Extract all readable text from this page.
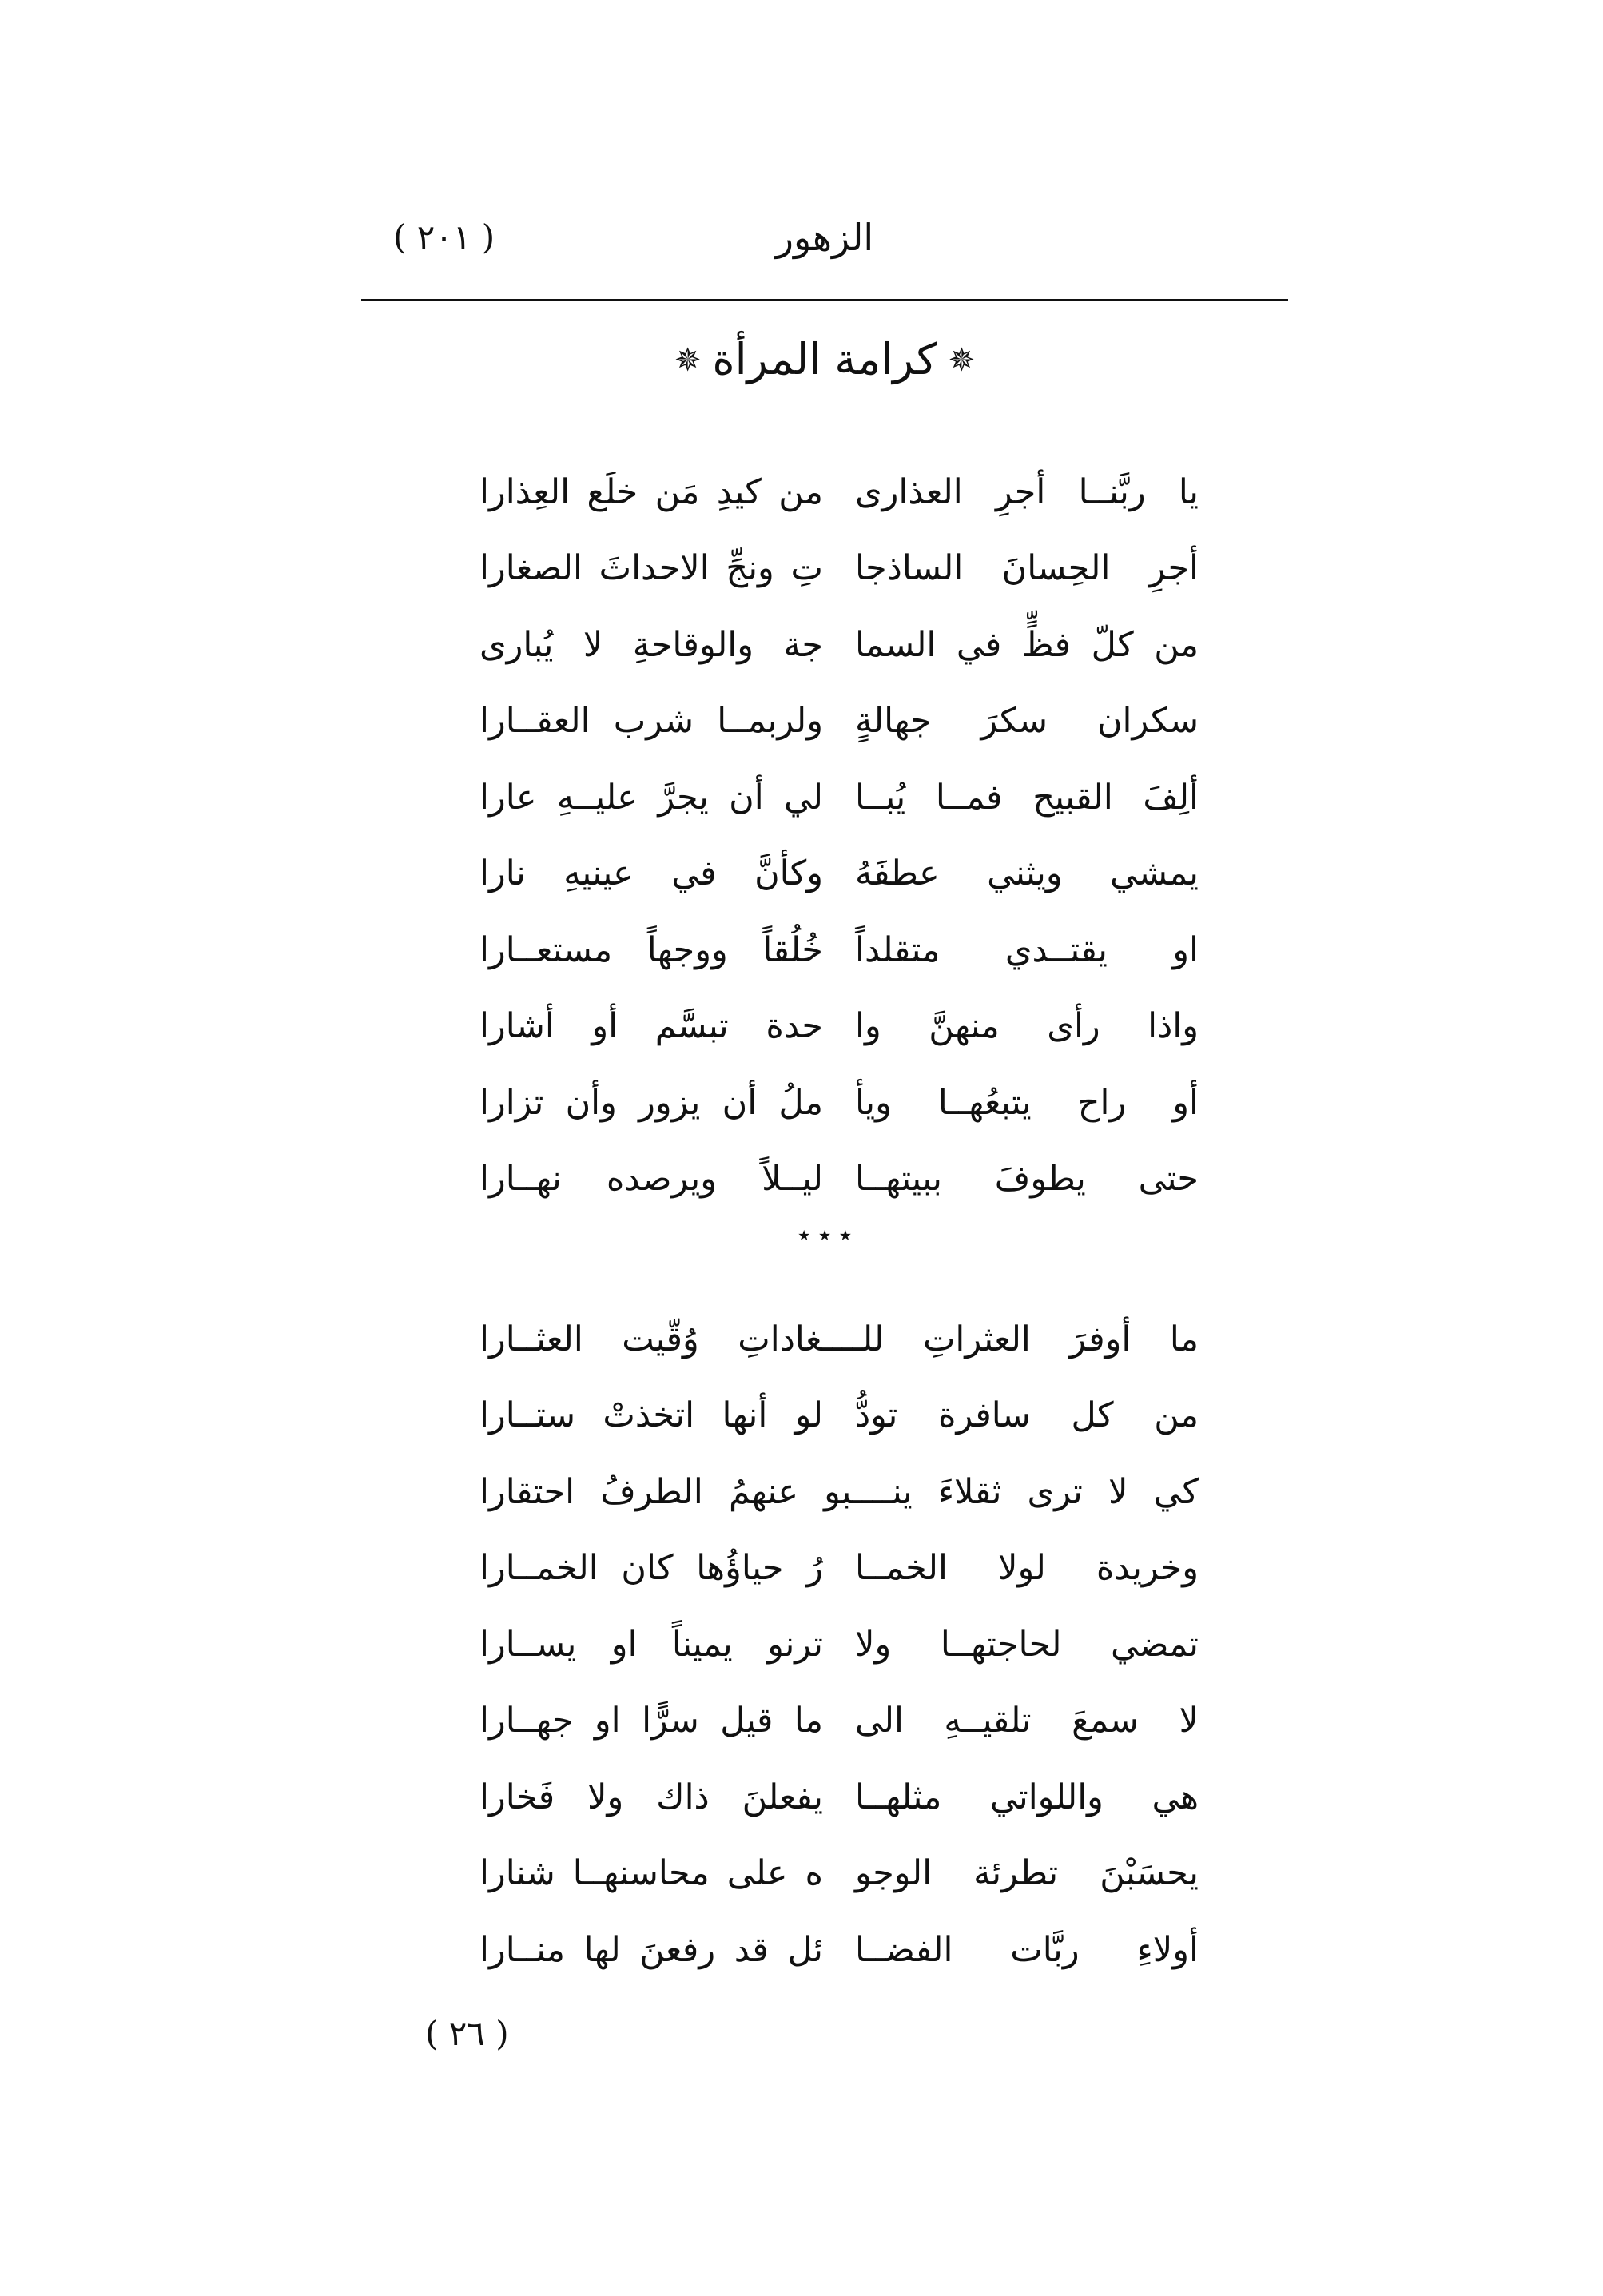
الزهور
( ٢٠١ )
✵كرامة المرأة✵
يا ربَّنــا أجرِ العذارى
من كيدِ مَن خلَع العِذارا
أجرِ الحِسانَ الساذجا
تِ ونجِّ الاحداثَ الصغارا
من كلّ فظٍّ في السما
جة والوقاحةِ لا يُبارى
سكران سكرَ جهالةٍ
ولربمــا شرب العقــارا
ألِفَ القبيح فمــا يُبــا
لي أن يجرَّ عليــهِ عارا
يمشي ويثني عطفَهُ
وكأنَّ في عينيهِ نارا
او يقتــدي متقلداً
خُلُقاً ووجهاً مستعــارا
واذا رأى منهنَّ وا
حدة تبسَّم أو أشارا
أو راح يتبعُهــا ويأ
ملُ أن يزور وأن تزارا
حتى يطوفَ ببيتهــا
ليــلاً ويرصده نهــارا
٭ ٭ ٭
ما أوفرَ العثراتِ للــــغاداتِ وُقّيت العثــارا
من كل سافرة تودُّ
لو أنها اتخذتْ ستــارا
كي لا ترى ثقلاءَ ينــــبو عنهمُ الطرفُ احتقارا
وخريدة لولا الخمــا
رُ حياؤُها كان الخمــارا
تمضي لحاجتهــا ولا
ترنو يميناً او يســارا
لا سمعَ تلقيــهِ الى
ما قيل سرًّا او جهــارا
هي واللواتي مثلهــا
يفعلنَ ذاك ولا فَخارا
يحسَبْنَ تطرئة الوجو
ه على محاسنهــا شنارا
أولاءِ ربَّات الفضــا
ئل قد رفعنَ لها منــارا
( ٢٦ )
